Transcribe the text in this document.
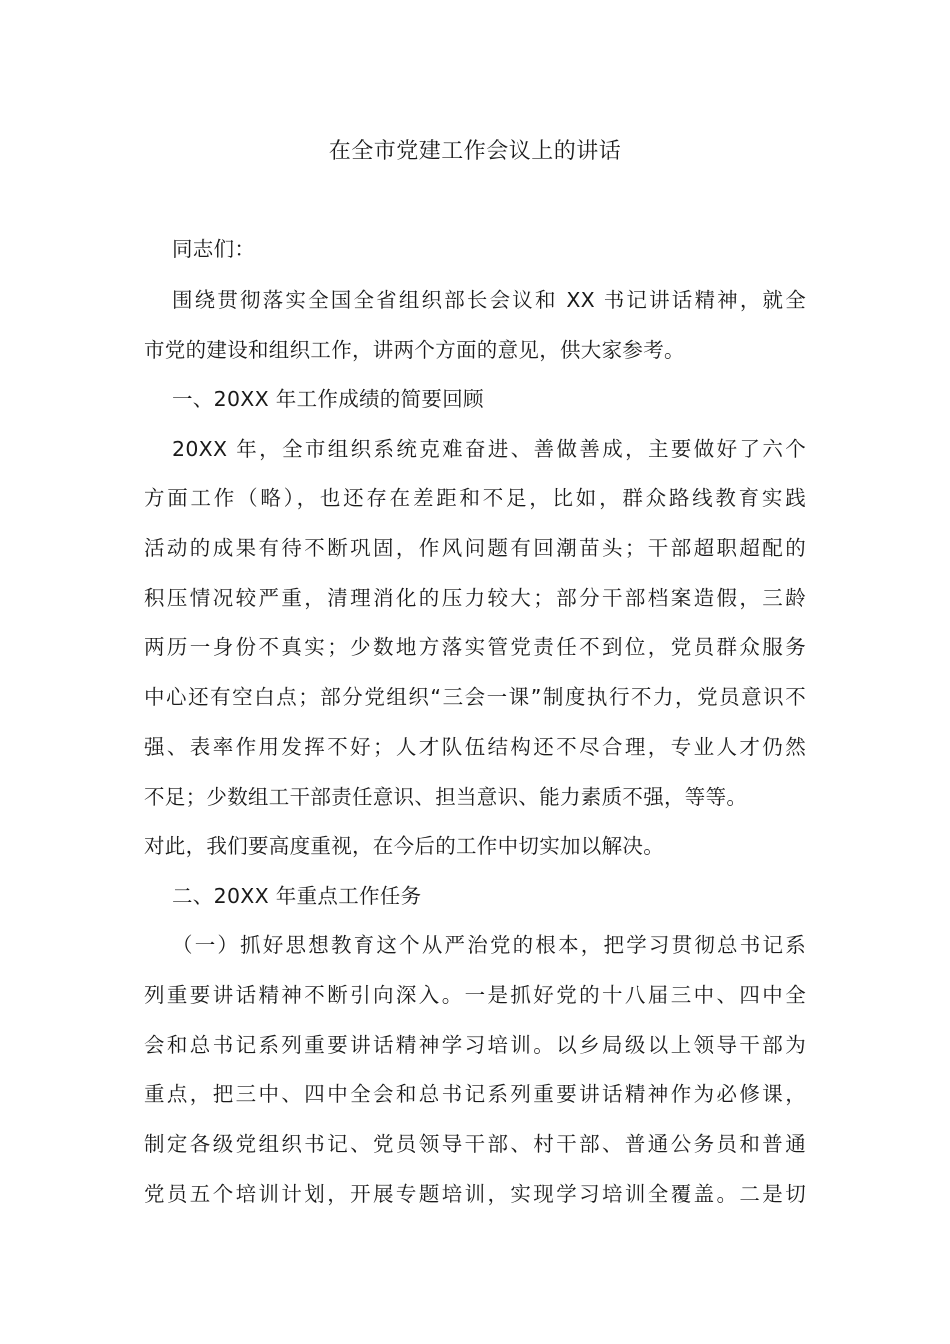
在全市党建工作会议上的讲话
同志们：
围绕贯彻落实全国全省组织部长会议和 XX 书记讲话精神，就全
市党的建设和组织工作，讲两个方面的意见，供大家参考。
一、20XX 年工作成绩的简要回顾
20XX 年，全市组织系统克难奋进、善做善成，主要做好了六个
方面工作（略），也还存在差距和不足，比如，群众路线教育实践
活动的成果有待不断巩固，作风问题有回潮苗头；干部超职超配的
积压情况较严重，清理消化的压力较大；部分干部档案造假，三龄
两历一身份不真实；少数地方落实管党责任不到位，党员群众服务
中心还有空白点；部分党组织“三会一课”制度执行不力，党员意识不
强、表率作用发挥不好；人才队伍结构还不尽合理，专业人才仍然
不足；少数组工干部责任意识、担当意识、能力素质不强，等等。
对此，我们要高度重视，在今后的工作中切实加以解决。
二、20XX 年重点工作任务
（一）抓好思想教育这个从严治党的根本，把学习贯彻总书记系
列重要讲话精神不断引向深入。一是抓好党的十八届三中、四中全
会和总书记系列重要讲话精神学习培训。以乡局级以上领导干部为
重点，把三中、四中全会和总书记系列重要讲话精神作为必修课，
制定各级党组织书记、党员领导干部、村干部、普通公务员和普通
党员五个培训计划，开展专题培训，实现学习培训全覆盖。二是切
